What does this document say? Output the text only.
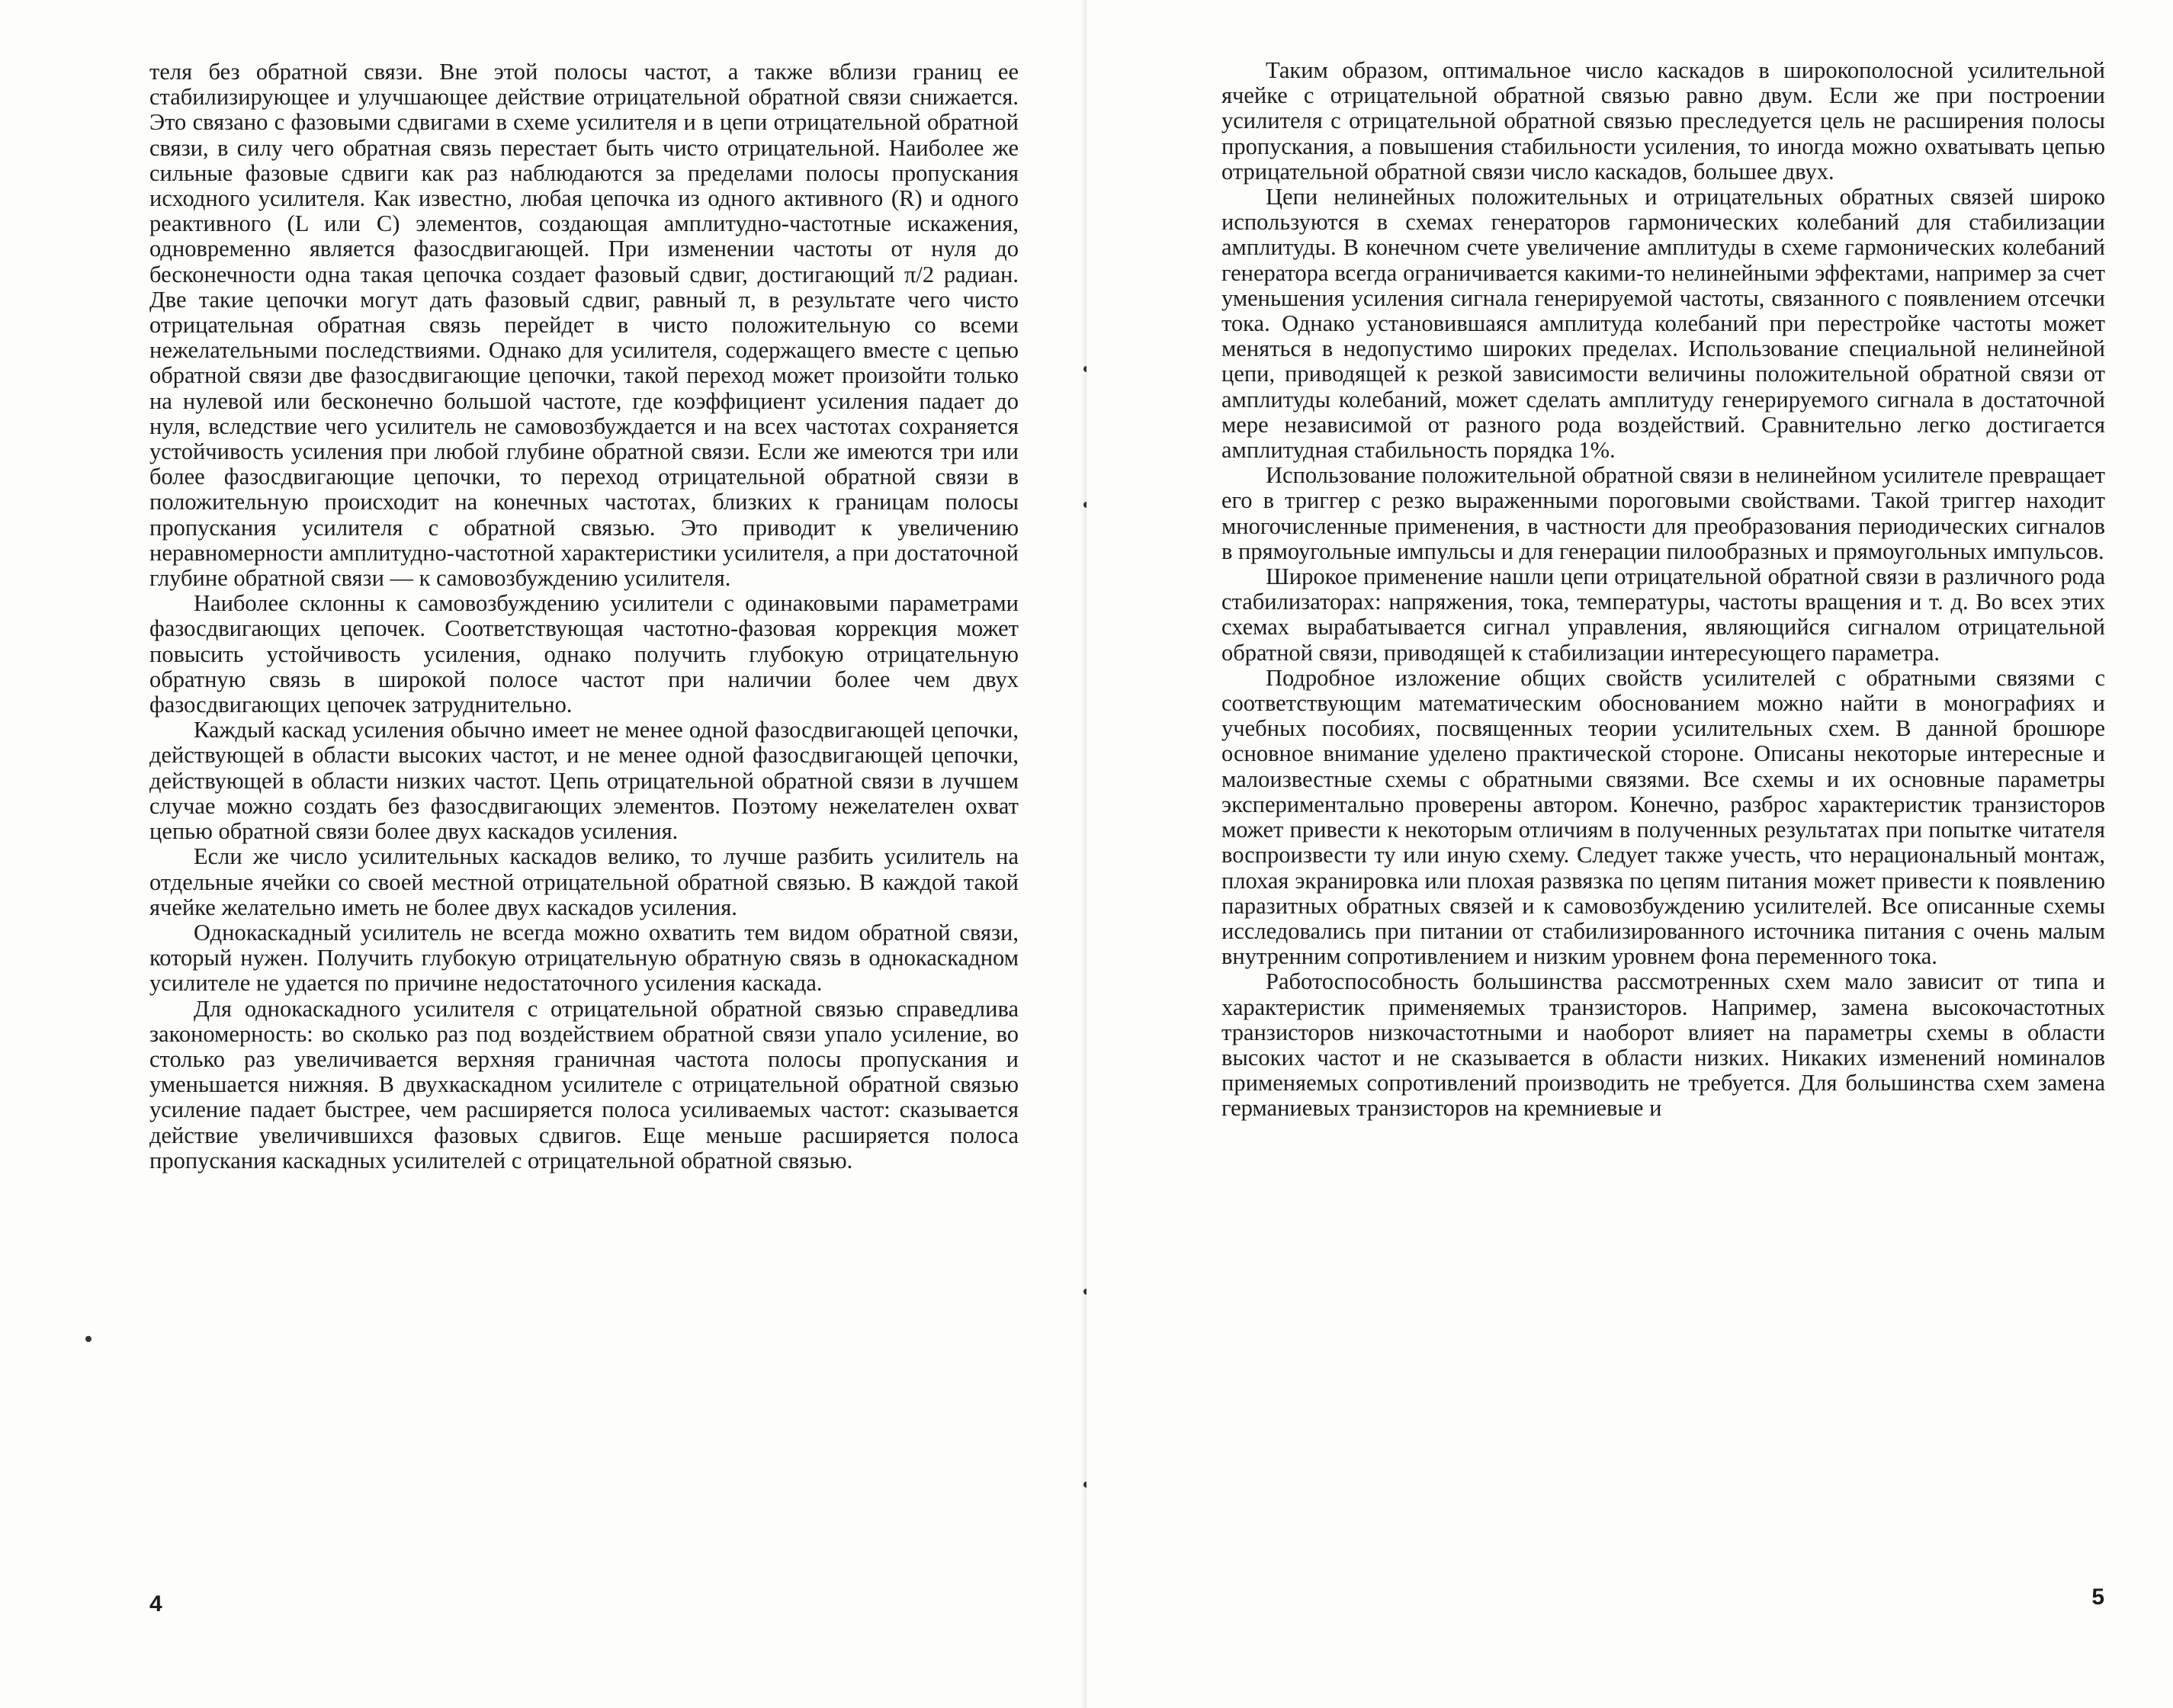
теля без обратной связи. Вне этой полосы частот, а также вблизи границ ее стабилизирующее и улучшающее действие отрицательной обратной связи снижается. Это связано с фазовыми сдвигами в схеме усилителя и в цепи отрицательной обратной связи, в силу чего обратная связь перестает быть чисто отрицательной. Наиболее же сильные фазовые сдвиги как раз наблюдаются за пределами полосы пропускания исходного усилителя. Как известно, любая цепочка из одного активного (R) и одного реактивного (L или C) элементов, создающая амплитудно-частотные искажения, одновременно является фазосдвигающей. При изменении частоты от нуля до бесконечности одна такая цепочка создает фазовый сдвиг, достигающий π/2 радиан. Две такие цепочки могут дать фазовый сдвиг, равный π, в результате чего чисто отрицательная обратная связь перейдет в чисто положительную со всеми нежелательными последствиями. Однако для усилителя, содержащего вместе с цепью обратной связи две фазосдвигающие цепочки, такой переход может произойти только на нулевой или бесконечно большой частоте, где коэффициент усиления падает до нуля, вследствие чего усилитель не самовозбуждается и на всех частотах сохраняется устойчивость усиления при любой глубине обратной связи. Если же имеются три или более фазосдвигающие цепочки, то переход отрицательной обратной связи в положительную происходит на конечных частотах, близких к границам полосы пропускания усилителя с обратной связью. Это приводит к увеличению неравномерности амплитудно-частотной характеристики усилителя, а при достаточной глубине обратной связи — к самовозбуждению усилителя.

Наиболее склонны к самовозбуждению усилители с одинаковыми параметрами фазосдвигающих цепочек. Соответствующая частотно-фазовая коррекция может повысить устойчивость усиления, однако получить глубокую отрицательную обратную связь в широкой полосе частот при наличии более чем двух фазосдвигающих цепочек затруднительно.

Каждый каскад усиления обычно имеет не менее одной фазосдвигающей цепочки, действующей в области высоких частот, и не менее одной фазосдвигающей цепочки, действующей в области низких частот. Цепь отрицательной обратной связи в лучшем случае можно создать без фазосдвигающих элементов. Поэтому нежелателен охват цепью обратной связи более двух каскадов усиления.

Если же число усилительных каскадов велико, то лучше разбить усилитель на отдельные ячейки со своей местной отрицательной обратной связью. В каждой такой ячейке желательно иметь не более двух каскадов усиления.

Однокаскадный усилитель не всегда можно охватить тем видом обратной связи, который нужен. Получить глубокую отрицательную обратную связь в однокаскадном усилителе не удается по причине недостаточного усиления каскада.

Для однокаскадного усилителя с отрицательной обратной связью справедлива закономерность: во сколько раз под воздействием обратной связи упало усиление, во столько раз увеличивается верхняя граничная частота полосы пропускания и уменьшается нижняя. В двухкаскадном усилителе с отрицательной обратной связью усиление падает быстрее, чем расширяется полоса усиливаемых частот: сказывается действие увеличившихся фазовых сдвигов. Еще меньше расширяется полоса пропускания каскадных усилителей с отрицательной обратной связью.

4

Таким образом, оптимальное число каскадов в широкополосной усилительной ячейке с отрицательной обратной связью равно двум. Если же при построении усилителя с отрицательной обратной связью преследуется цель не расширения полосы пропускания, а повышения стабильности усиления, то иногда можно охватывать цепью отрицательной обратной связи число каскадов, большее двух.

Цепи нелинейных положительных и отрицательных обратных связей широко используются в схемах генераторов гармонических колебаний для стабилизации амплитуды. В конечном счете увеличение амплитуды в схеме гармонических колебаний генератора всегда ограничивается какими-то нелинейными эффектами, например за счет уменьшения усиления сигнала генерируемой частоты, связанного с появлением отсечки тока. Однако установившаяся амплитуда колебаний при перестройке частоты может меняться в недопустимо широких пределах. Использование специальной нелинейной цепи, приводящей к резкой зависимости величины положительной обратной связи от амплитуды колебаний, может сделать амплитуду генерируемого сигнала в достаточной мере независимой от разного рода воздействий. Сравнительно легко достигается амплитудная стабильность порядка 1%.

Использование положительной обратной связи в нелинейном усилителе превращает его в триггер с резко выраженными пороговыми свойствами. Такой триггер находит многочисленные применения, в частности для преобразования периодических сигналов в прямоугольные импульсы и для генерации пилообразных и прямоугольных импульсов.

Широкое применение нашли цепи отрицательной обратной связи в различного рода стабилизаторах: напряжения, тока, температуры, частоты вращения и т. д. Во всех этих схемах вырабатывается сигнал управления, являющийся сигналом отрицательной обратной связи, приводящей к стабилизации интересующего параметра.

Подробное изложение общих свойств усилителей с обратными связями с соответствующим математическим обоснованием можно найти в монографиях и учебных пособиях, посвященных теории усилительных схем. В данной брошюре основное внимание уделено практической стороне. Описаны некоторые интересные и малоизвестные схемы с обратными связями. Все схемы и их основные параметры экспериментально проверены автором. Конечно, разброс характеристик транзисторов может привести к некоторым отличиям в полученных результатах при попытке читателя воспроизвести ту или иную схему. Следует также учесть, что нерациональный монтаж, плохая экранировка или плохая развязка по цепям питания может привести к появлению паразитных обратных связей и к самовозбуждению усилителей. Все описанные схемы исследовались при питании от стабилизированного источника питания с очень малым внутренним сопротивлением и низким уровнем фона переменного тока.

Работоспособность большинства рассмотренных схем мало зависит от типа и характеристик применяемых транзисторов. Например, замена высокочастотных транзисторов низкочастотными и наоборот влияет на параметры схемы в области высоких частот и не сказывается в области низких. Никаких изменений номиналов применяемых сопротивлений производить не требуется. Для большинства схем замена германиевых транзисторов на кремниевые и

5
